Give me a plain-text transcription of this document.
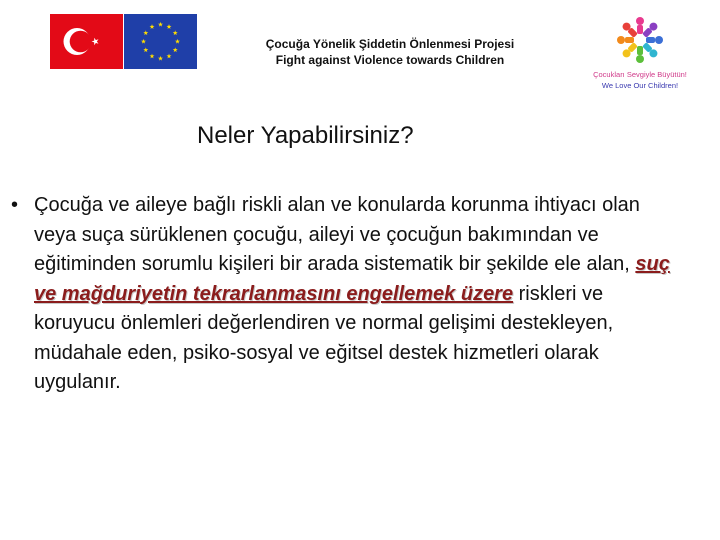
Çocuğa Yönelik Şiddetin Önlenmesi Projesi
Fight against Violence towards Children
Çocukları Sevgiyle Büyütün!
We Love Our Children!
Neler Yapabilirsiniz?
• Çocuğa ve aileye bağlı riskli alan ve konularda korunma ihtiyacı olan veya suça sürüklenen çocuğu, aileyi ve çocuğun bakımından ve eğitiminden sorumlu kişileri bir arada sistematik bir şekilde ele alan, suç ve mağduriyetin tekrarlanmasını engellemek üzere riskleri ve koruyucu önlemleri değerlendiren ve normal gelişimi destekleyen, müdahale eden, psiko-sosyal ve eğitsel destek hizmetleri olarak uygulanır.
